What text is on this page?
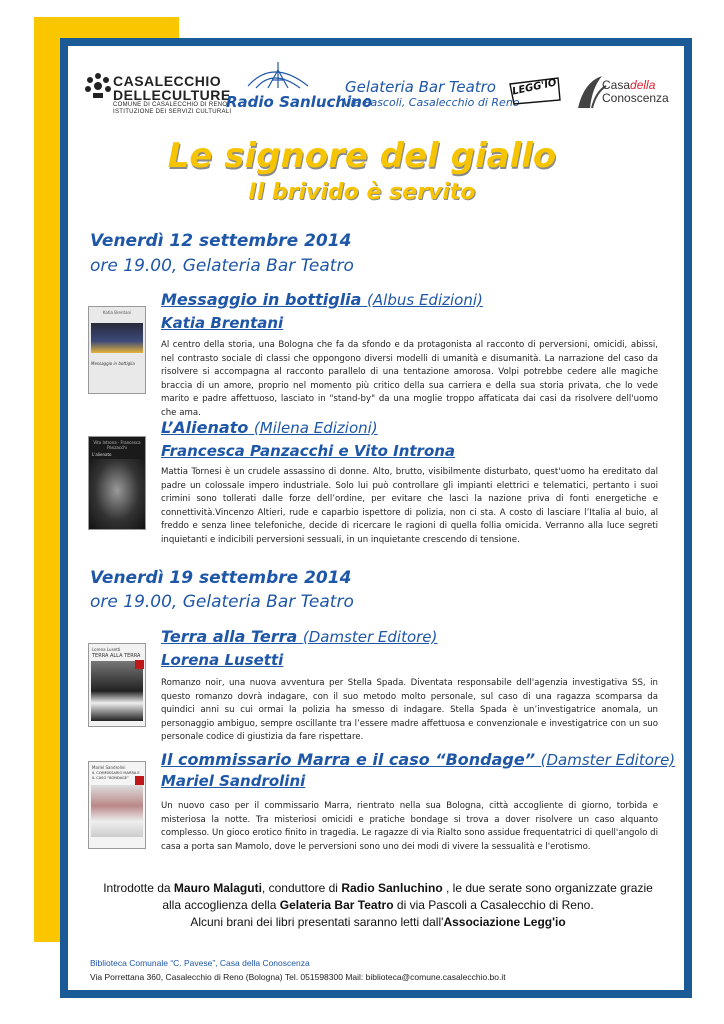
CASALECCHIO
DELLECULTURE
COMUNE DI CASALECCHIO DI RENO
ISTITUZIONE DEI SERVIZI CULTURALI
Radio Sanluchino
Gelateria Bar Teatro
Via Pascoli, Casalecchio di Reno
LEGG'IO	Casadella
Conoscenza
Le signore del giallo
Il brivido è servito
Venerdì 12 settembre 2014
ore 19.00, Gelateria Bar Teatro
Katia Brentani
Messaggio in bottiglia
Messaggio in bottiglia (Albus Edizioni)
Katia Brentani

Al centro della storia, una Bologna che fa da sfondo e da protagonista al racconto di perversioni, omicidi, abissi, nel contrasto sociale di classi che oppongono diversi modelli di umanità e disumanità. La narrazione del caso da risolvere si accompagna al racconto parallelo di una tentazione amorosa. Volpi potrebbe cedere alle magiche braccia di un amore, proprio nel momento più critico della sua carriera e della sua storia privata, che lo vede marito e padre affettuoso, lasciato in "stand-by" da una moglie troppo affaticata dai casi da risolvere dell'uomo che ama.

Vito Introna · Francesca Panzacchi
L'alienato
L’Alienato (Milena Edizioni)
Francesca Panzacchi e Vito Introna

Mattia Tornesi è un crudele assassino di donne. Alto, brutto, visibilmente disturbato, quest'uomo ha ereditato dal padre un colossale impero industriale. Solo lui può controllare gli impianti elettrici e telematici, pertanto i suoi crimini sono tollerati dalle forze dell’ordine, per evitare che lasci la nazione priva di fonti energetiche e connettività.Vincenzo Altieri, rude e caparbio ispettore di polizia, non ci sta. A costo di lasciare l’Italia al buio, al freddo e senza linee telefoniche, decide di ricercare le ragioni di quella follia omicida. Verranno alla luce segreti inquietanti e indicibili perversioni sessuali, in un inquietante crescendo di tensione.

Venerdì 19 settembre 2014
ore 19.00, Gelateria Bar Teatro
Lorena Lusetti
TERRA ALLA TERRA
Terra alla Terra (Damster Editore)
Lorena Lusetti

Romanzo noir, una nuova avventura per Stella Spada. Diventata responsabile dell'agenzia investigativa SS, in questo romanzo dovrà indagare, con il suo metodo molto personale, sul caso di una ragazza scomparsa da quindici anni su cui ormai la polizia ha smesso di indagare. Stella Spada è un’investigatrice anomala, un personaggio ambiguo, sempre oscillante tra l’essere madre affettuosa e convenzionale e investigatrice con un suo personale codice di giustizia da fare rispettare.

Mariel Sandrolini
IL COMMISSARIO MARRA E IL CASO "BONDAGE"
Il commissario Marra e il caso “Bondage” (Damster Editore)
Mariel Sandrolini

Un nuovo caso per il commissario Marra, rientrato nella sua Bologna, città accogliente di giorno, torbida e misteriosa la notte. Tra misteriosi omicidi e pratiche bondage si trova a dover risolvere un caso alquanto complesso. Un gioco erotico finito in tragedia. Le ragazze di via Rialto sono assidue frequentatrici di quell'angolo di casa a porta san Mamolo, dove le perversioni sono uno dei modi di vivere la sessualità e l'erotismo.

Introdotte da Mauro Malaguti, conduttore di Radio Sanluchino , le due serate sono organizzate grazie
alla accoglienza della Gelateria Bar Teatro di via Pascoli a Casalecchio di Reno.
Alcuni brani dei libri presentati saranno letti dall'Associazione Legg'io
Biblioteca Comunale “C. Pavese”, Casa della Conoscenza
Via Porrettana 360, Casalecchio di Reno (Bologna) Tel. 051598300 Mail: biblioteca@comune.casalecchio.bo.it
